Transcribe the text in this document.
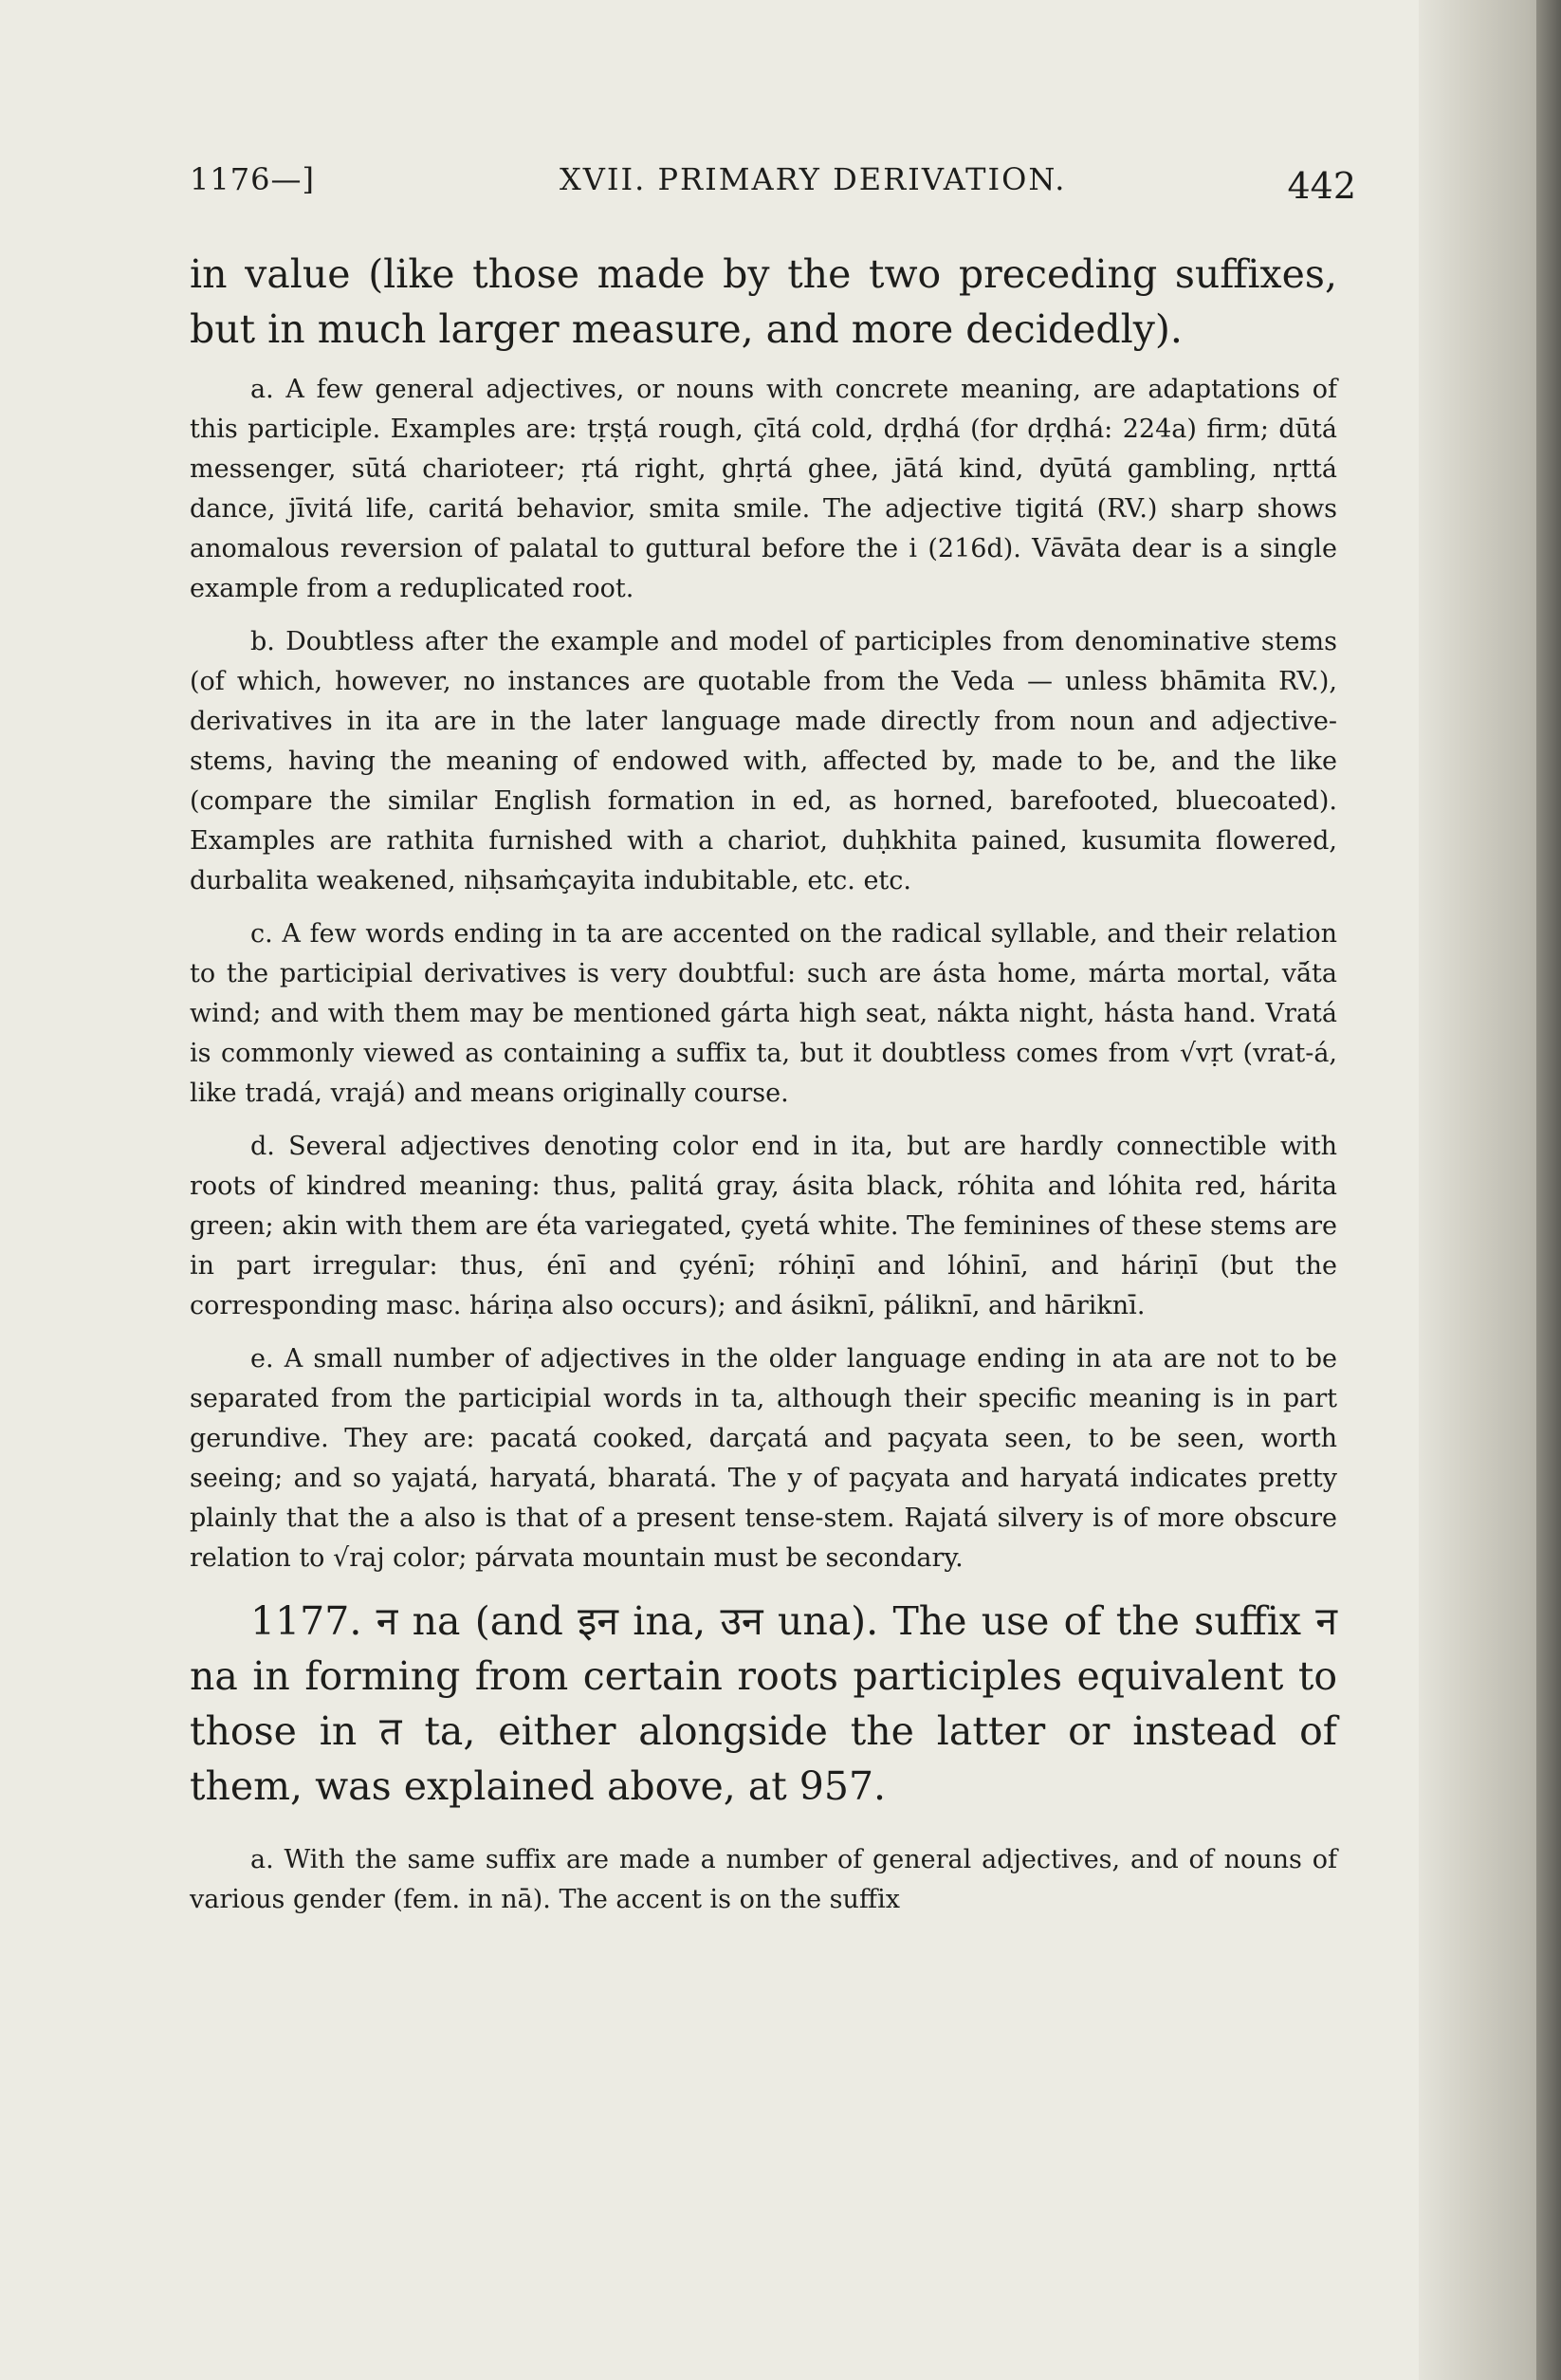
1176—]	XVII. PRIMARY DERIVATION.	442

in value (like those made by the two preceding suffixes, but in much larger measure, and more decidedly).

a. A few general adjectives, or nouns with concrete meaning, are adaptations of this participle. Examples are: tṛṣṭá rough, çītá cold, dṛḍhá (for dṛḍhá: 224a) firm; dūtá messenger, sūtá charioteer; ṛtá right, ghṛtá ghee, jātá kind, dyūtá gambling, nṛttá dance, jīvitá life, caritá behavior, smita smile. The adjective tigitá (RV.) sharp shows anomalous reversion of palatal to guttural before the i (216d). Vāvāta dear is a single example from a reduplicated root.

b. Doubtless after the example and model of participles from denominative stems (of which, however, no instances are quotable from the Veda — unless bhāmita RV.), derivatives in ita are in the later language made directly from noun and adjective-stems, having the meaning of endowed with, affected by, made to be, and the like (compare the similar English formation in ed, as horned, barefooted, bluecoated). Examples are rathita furnished with a chariot, duḥkhita pained, kusumita flowered, durbalita weakened, niḥsaṁçayita indubitable, etc. etc.

c. A few words ending in ta are accented on the radical syllable, and their relation to the participial derivatives is very doubtful: such are ásta home, márta mortal, vā́ta wind; and with them may be mentioned gárta high seat, nákta night, hásta hand. Vratá is commonly viewed as containing a suffix ta, but it doubtless comes from √vṛt (vrat-á, like tradá, vrajá) and means originally course.

d. Several adjectives denoting color end in ita, but are hardly connectible with roots of kindred meaning: thus, palitá gray, ásita black, róhita and lóhita red, hárita green; akin with them are éta variegated, çyetá white. The feminines of these stems are in part irregular: thus, énī and çyénī; róhiṇī and lóhinī, and háriṇī (but the corresponding masc. háriṇa also occurs); and ásiknī, páliknī, and hāriknī.

e. A small number of adjectives in the older language ending in ata are not to be separated from the participial words in ta, although their specific meaning is in part gerundive. They are: pacatá cooked, darçatá and paçyata seen, to be seen, worth seeing; and so yajatá, haryatá, bharatá. The y of paçyata and haryatá indicates pretty plainly that the a also is that of a present tense-stem. Rajatá silvery is of more obscure relation to √raj color; párvata mountain must be secondary.

1177. न na (and इन ina, उन una). The use of the suffix न na in forming from certain roots participles equivalent to those in त ta, either alongside the latter or instead of them, was explained above, at 957.

a. With the same suffix are made a number of general adjectives, and of nouns of various gender (fem. in nā). The accent is on the suffix
